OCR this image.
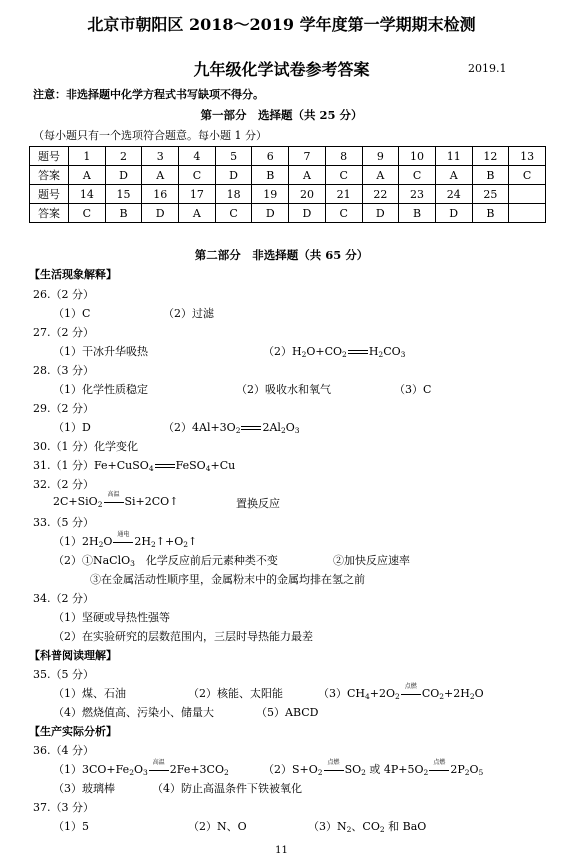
北京市朝阳区 2018～2019 学年度第一学期期末检测
九年级化学试卷参考答案	2019.1
注意：非选择题中化学方程式书写缺项不得分。
第一部分　选择题（共 25 分）
（每小题只有一个选项符合题意。每小题 1 分）
题号	1	2	3	4	5	6	7	8	9	10	11	12	13
答案	A	D	A	C	D	B	A	C	A	C	A	B	C
题号	14	15	16	17	18	19	20	21	22	23	24	25	
答案	C	B	D	A	C	D	D	C	D	B	D	B	
第二部分　非选择题（共 65 分）
【生活现象解释】
26.（2 分）
（1）C	（2）过滤
27.（2 分）
（1）干冰升华吸热	$(2)H_2O+CO_2$ $H_2CO_3$
28.（3 分）
（1）化学性质稳定	（2）吸收水和氧气	（3）C
29.（2 分）
（1）D	$(2)4Al+3O_2$ $2Al_2O_3$
30.（1 分）化学变化
31.（1 分）Fe+CuSO$_4$ FeSO$_4$+Cu
32.（2 分）
2C+SiO$_2$
高温
Si+2CO↑	置换反应
33.（5 分）
$(1)2H_2O$
通电
$2H_2↑+O_2↑$
（2）①NaClO$_3$　化学反应前后元素种类不变	②加快反应速率
③在金属活动性顺序里，金属粉末中的金属均排在氢之前
34.（2 分）
（1）坚硬或导热性强等
（2）在实验研究的层数范围内，三层时导热能力最差
【科普阅读理解】
35.（5 分）
（1）煤、石油	（2）核能、太阳能	$(3)CH_4+2O_2$
点燃
$CO_2+2H_2O$
（4）燃烧值高、污染小、储量大	（5）ABCD
【生产实际分析】
36.（4 分）
$(1)3CO+Fe_2O_3$
高温
$2Fe+3CO_2$	$(2)S+O_2$
点燃
$SO_2$ 或 $4P+5O_2$
点燃
$2P_2O_5$
（3）玻璃棒	（4）防止高温条件下铁被氧化
37.（3 分）
（1）5	（2）N、O	$(3)N_2$、$CO_2$ 和 BaO
11
